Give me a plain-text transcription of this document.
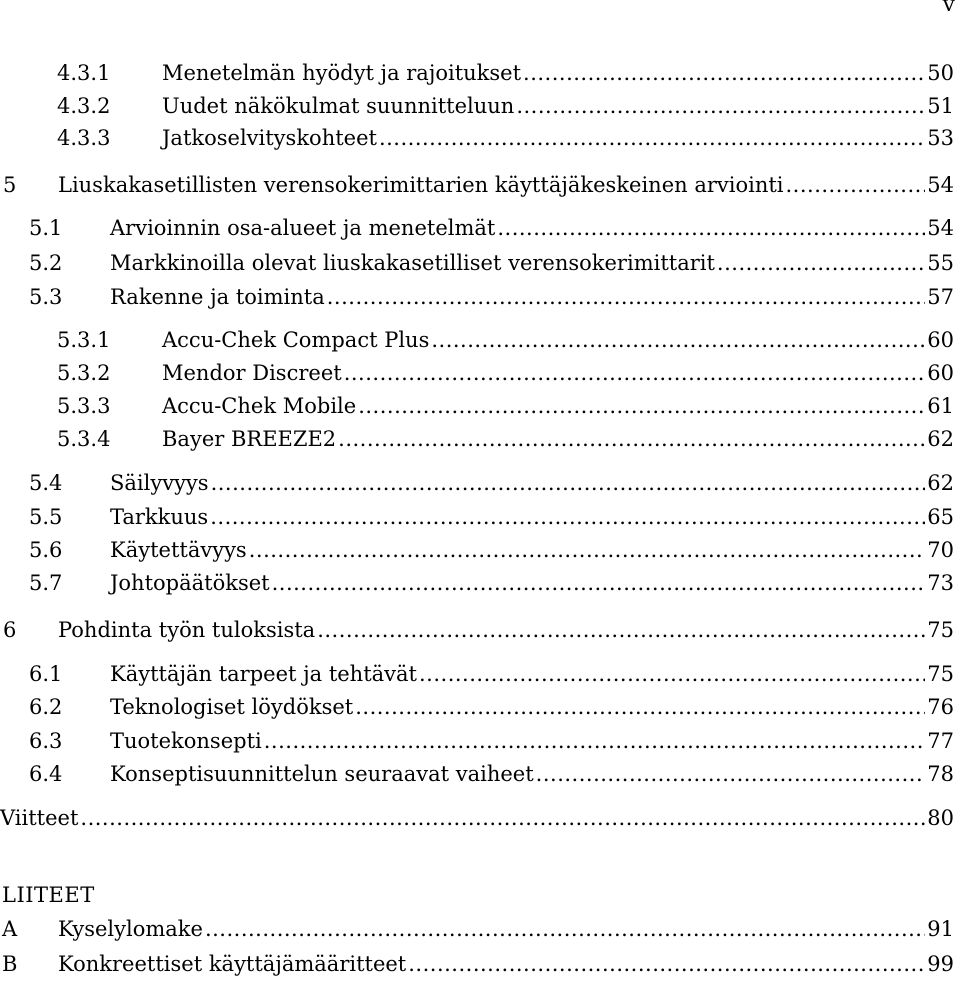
v
4.3.1	Menetelmän hyödyt ja rajoitukset .....	50
4.3.2	Uudet näkökulmat suunnitteluun .....	51
4.3.3	Jatkoselvityskohteet .....	53
5	Liuskakasetillisten verensokerimittarien käyttäjäkeskeinen arviointi .....	54
5.1	Arvioinnin osa-alueet ja menetelmät .....	54
5.2	Markkinoilla olevat liuskakasetilliset verensokerimittarit .....	55
5.3	Rakenne ja toiminta .....	57
5.3.1	Accu-Chek Compact Plus .....	60
5.3.2	Mendor Discreet .....	60
5.3.3	Accu-Chek Mobile .....	61
5.3.4	Bayer BREEZE2 .....	62
5.4	Säilyvyys .....	62
5.5	Tarkkuus .....	65
5.6	Käytettävyys .....	70
5.7	Johtopäätökset .....	73
6	Pohdinta työn tuloksista .....	75
6.1	Käyttäjän tarpeet ja tehtävät .....	75
6.2	Teknologiset löydökset .....	76
6.3	Tuotekonsepti .....	77
6.4	Konseptisuunnittelun seuraavat vaiheet .....	78
Viitteet .....	80
LIITEET
A	Kyselylomake .....	91
B	Konkreettiset käyttäjämääritteet .....	99
